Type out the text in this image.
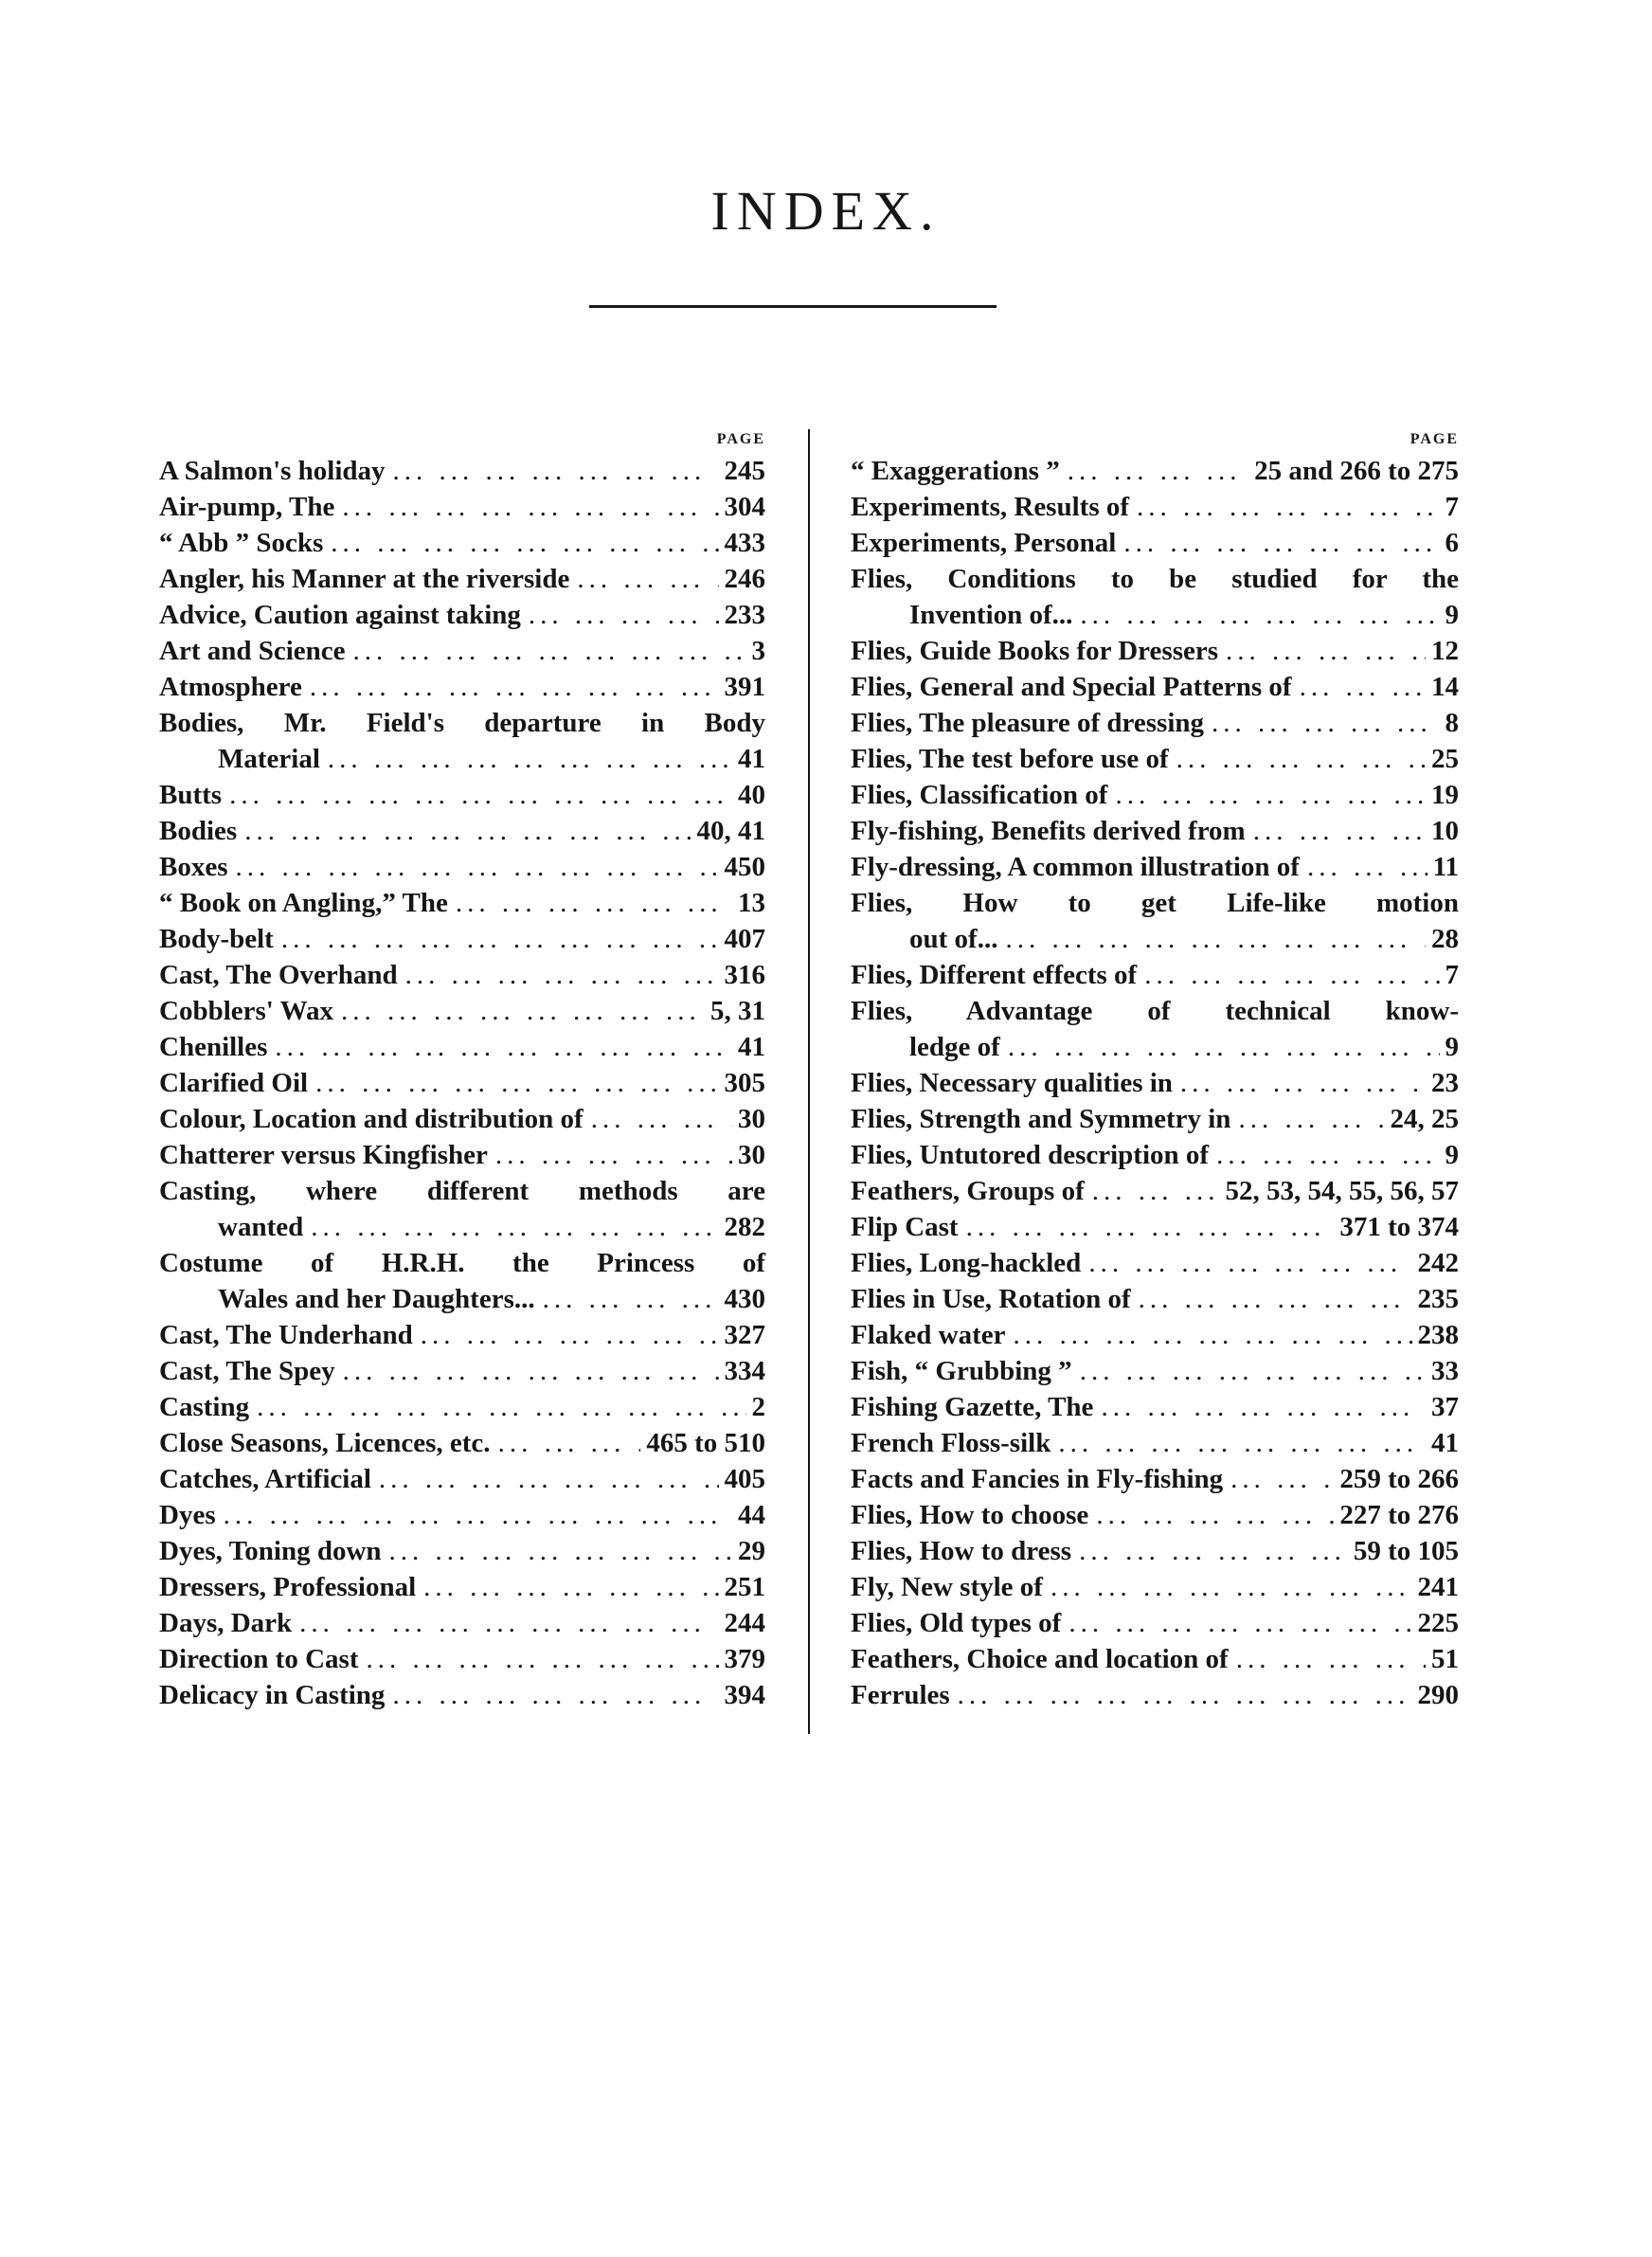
INDEX.
PAGE
A Salmon's holiday ... .	245
Air-pump, The ... .	304
“ Abb ” Socks ... .	433
Angler, his Manner at the riverside ... .	246
Advice, Caution against taking ... .	233
Art and Science ... .	3
Atmosphere ... .	391
Bodies, Mr. Field's departure in Body
Material ... .	41
Butts ... .	40
Bodies ... .	40, 41
Boxes ... .	450
“ Book on Angling,” The ... .	13
Body-belt ... .	407
Cast, The Overhand ... .	316
Cobblers' Wax ... .	5, 31
Chenilles ... .	41
Clarified Oil ... .	305
Colour, Location and distribution of ... .	30
Chatterer versus Kingfisher ... .	30
Casting, where different methods are
wanted ... .	282
Costume of H.R.H. the Princess of
Wales and her Daughters... ... .	430
Cast, The Underhand ... .	327
Cast, The Spey ... .	334
Casting ... .	2
Close Seasons, Licences, etc. ... .	465 to 510
Catches, Artificial ... .	405
Dyes ... .	44
Dyes, Toning down ... .	29
Dressers, Professional ... .	251
Days, Dark ... .	244
Direction to Cast ... .	379
Delicacy in Casting ... .	394
PAGE
“ Exaggerations ” ... .	25 and 266 to 275
Experiments, Results of ... .	7
Experiments, Personal ... .	6
Flies, Conditions to be studied for the
Invention of... ... .	9
Flies, Guide Books for Dressers ... .	12
Flies, General and Special Patterns of ... .	14
Flies, The pleasure of dressing ... .	8
Flies, The test before use of ... .	25
Flies, Classification of ... .	19
Fly-fishing, Benefits derived from ... .	10
Fly-dressing, A common illustration of ... .	11
Flies, How to get Life-like motion
out of... ... .	28
Flies, Different effects of ... .	7
Flies, Advantage of technical know-
ledge of ... .	9
Flies, Necessary qualities in ... .	23
Flies, Strength and Symmetry in ... .	24, 25
Flies, Untutored description of ... .	9
Feathers, Groups of ... .	52, 53, 54, 55, 56, 57
Flip Cast ... .	371 to 374
Flies, Long-hackled ... .	242
Flies in Use, Rotation of ... .	235
Flaked water ... .	238
Fish, “ Grubbing ” ... .	33
Fishing Gazette, The ... .	37
French Floss-silk ... .	41
Facts and Fancies in Fly-fishing ... .	259 to 266
Flies, How to choose ... .	227 to 276
Flies, How to dress ... .	59 to 105
Fly, New style of ... .	241
Flies, Old types of ... .	225
Feathers, Choice and location of ... .	51
Ferrules ... .	290
